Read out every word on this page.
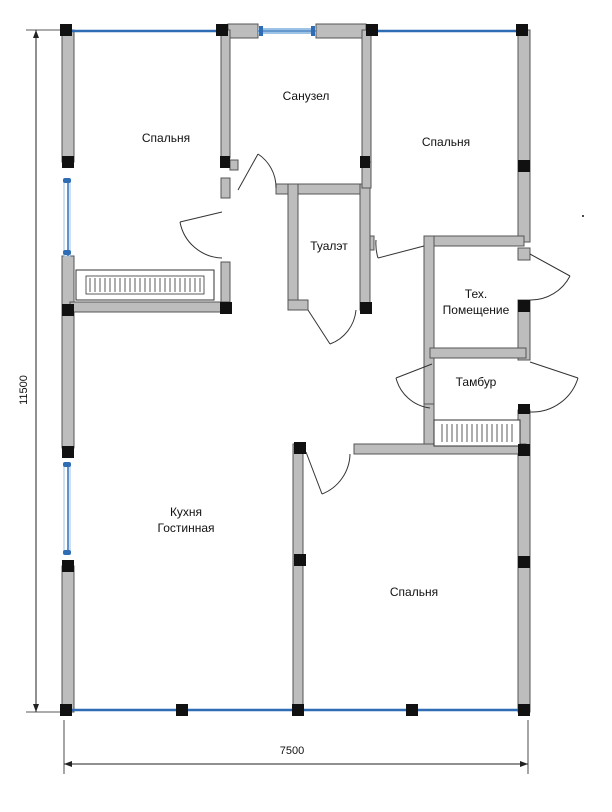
11500
7500
Спальня
Санузел
Спальня
Туалэт
Тех.
Помещение
Тамбур
Кухня
Гостинная
Спальня
